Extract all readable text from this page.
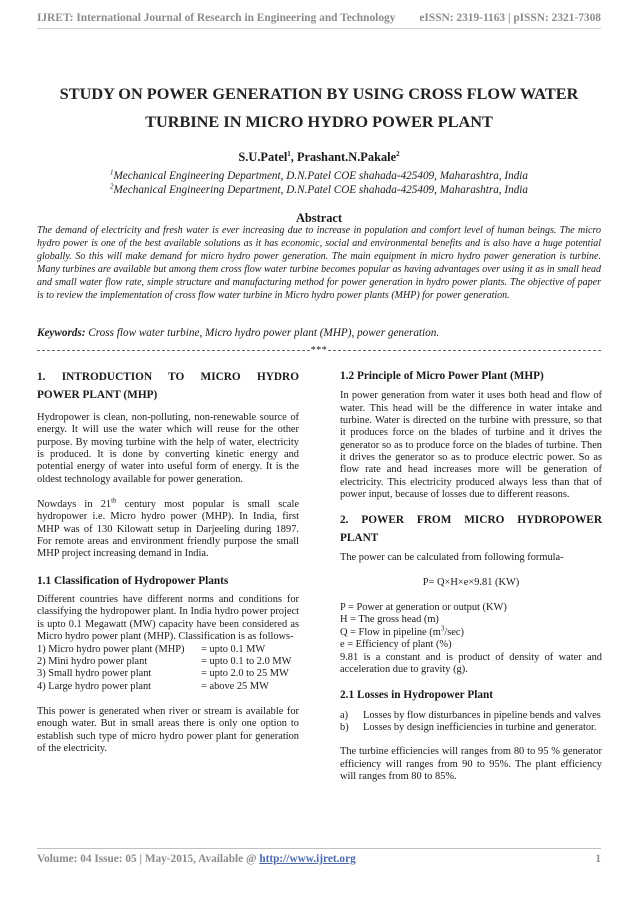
IJRET: International Journal of Research in Engineering and Technology eISSN: 2319-1163 | pISSN: 2321-7308
STUDY ON POWER GENERATION BY USING CROSS FLOW WATER
TURBINE IN MICRO HYDRO POWER PLANT
S.U.Patel$^1$, Prashant.N.Pakale$^2$
$^1$Mechanical Engineering Department, D.N.Patel COE shahada-425409, Maharashtra, India
$^2$Mechanical Engineering Department, D.N.Patel COE shahada-425409, Maharashtra, India
Abstract
The demand of electricity and fresh water is ever increasing due to increase in population and comfort level of human beings. The micro hydro power is one of the best available solutions as it has economic, social and environmental benefits and is also have a huge potential globally. So this will make demand for micro hydro power generation. The main equipment in micro hydro power generation is turbine. Many turbines are available but among them cross flow water turbine becomes popular as having advantages over using it as in small head and small water flow rate, simple structure and manufacturing method for power generation in hydro power plants. The objective of paper is to review the implementation of cross flow water turbine in Micro hydro power plants (MHP) for power generation.
Keywords: Cross flow water turbine, Micro hydro power plant (MHP), power generation.
***
1. INTRODUCTION TO MICRO HYDRO
POWER PLANT (MHP)
Hydropower is clean, non-polluting, non-renewable source of energy. It will use the water which will reuse for the other purpose. By moving turbine with the help of water, electricity is produced. It is done by converting kinetic energy and potential energy of water into useful form of energy. It is the oldest technology available for power generation.
Nowdays in 21th century most popular is small scale hydropower i.e. Micro hydro power (MHP). In India, first MHP was of 130 Kilowatt setup in Darjeeling during 1897. For remote areas and environment friendly purpose the small MHP project increasing demand in India.
1.1 Classification of Hydropower Plants
Different countries have different norms and conditions for classifying the hydropower plant. In India hydro power project is upto 0.1 Megawatt (MW) capacity have been considered as Micro hydro power plant (MHP). Classification is as follows-
1) Micro hydro power plant (MHP)	= upto 0.1 MW
2) Mini hydro power plant	= upto 0.1 to 2.0 MW
3) Small hydro power plant	= upto 2.0 to 25 MW
4) Large hydro power plant	= above 25 MW
This power is generated when river or stream is available for enough water. But in small areas there is only one option to establish such type of micro hydro power plant for generation of the electricity.
1.2 Principle of Micro Power Plant (MHP)
In power generation from water it uses both head and flow of water. This head will be the difference in water intake and turbine. Water is directed on the turbine with pressure, so that it produces force on the blades of turbine and it drives the generator so as to produce force on the blades of turbine. Then it drives the generator so as to produce electric power. So as flow rate and head increases more will be generation of electricity. This electricity produced always less than that of power input, because of losses due to different reasons.
2. POWER FROM MICRO HYDROPOWER
PLANT
The power can be calculated from following formula-
P= Q×H×e×9.81 (KW)
P = Power at generation or output (KW)
H = The gross head (m)
Q = Flow in pipeline $(m^3/\sec)$
e = Efficiency of plant (%)
9.81 is a constant and is product of density of water and acceleration due to gravity (g).
2.1 Losses in Hydropower Plant
a)	Losses by flow disturbances in pipeline bends and valves
b)	Losses by design inefficiencies in turbine and generator.
The turbine efficiencies will ranges from 80 to 95 % generator efficiency will ranges from 90 to 95%. The plant efficiency will ranges from 80 to 85%.
Volume: 04 Issue: 05 | May-2015, Available @ http://www.ijret.org	1
